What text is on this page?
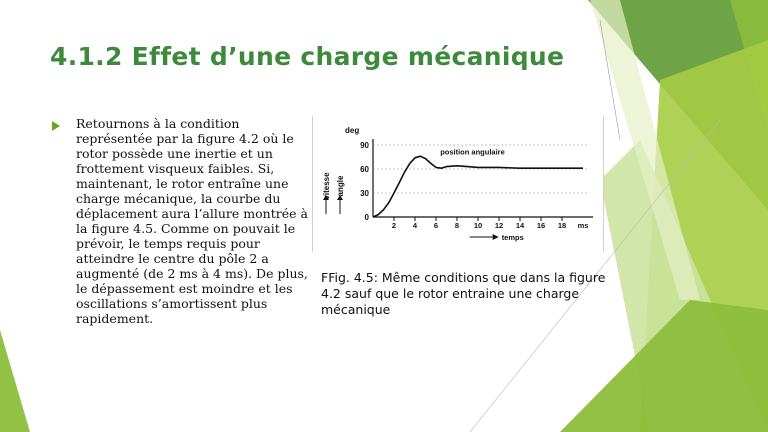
4.1.2 Effet d’une charge mécanique

Retournons à la condition représentée par la figure 4.2 où le rotor possède une inertie et un frottement visqueux faibles. Si, maintenant, le rotor entraîne une charge mécanique, la courbe du déplacement aura l’allure montrée à la figure 4.5. Comme on pouvait le prévoir, le temps requis pour atteindre le centre du pôle 2 a augmenté (de 2 ms à 4 ms). De plus, le dépassement est moindre et les oscillations s’amortissent plus rapidement.

90
60
30
0
2 4 6 8 10 12 14 16 18 ms
deg
vitesse angle
temps
position angulaire

FFig. 4.5: Même conditions que dans la figure 4.2 sauf que le rotor entraine une charge mécanique
